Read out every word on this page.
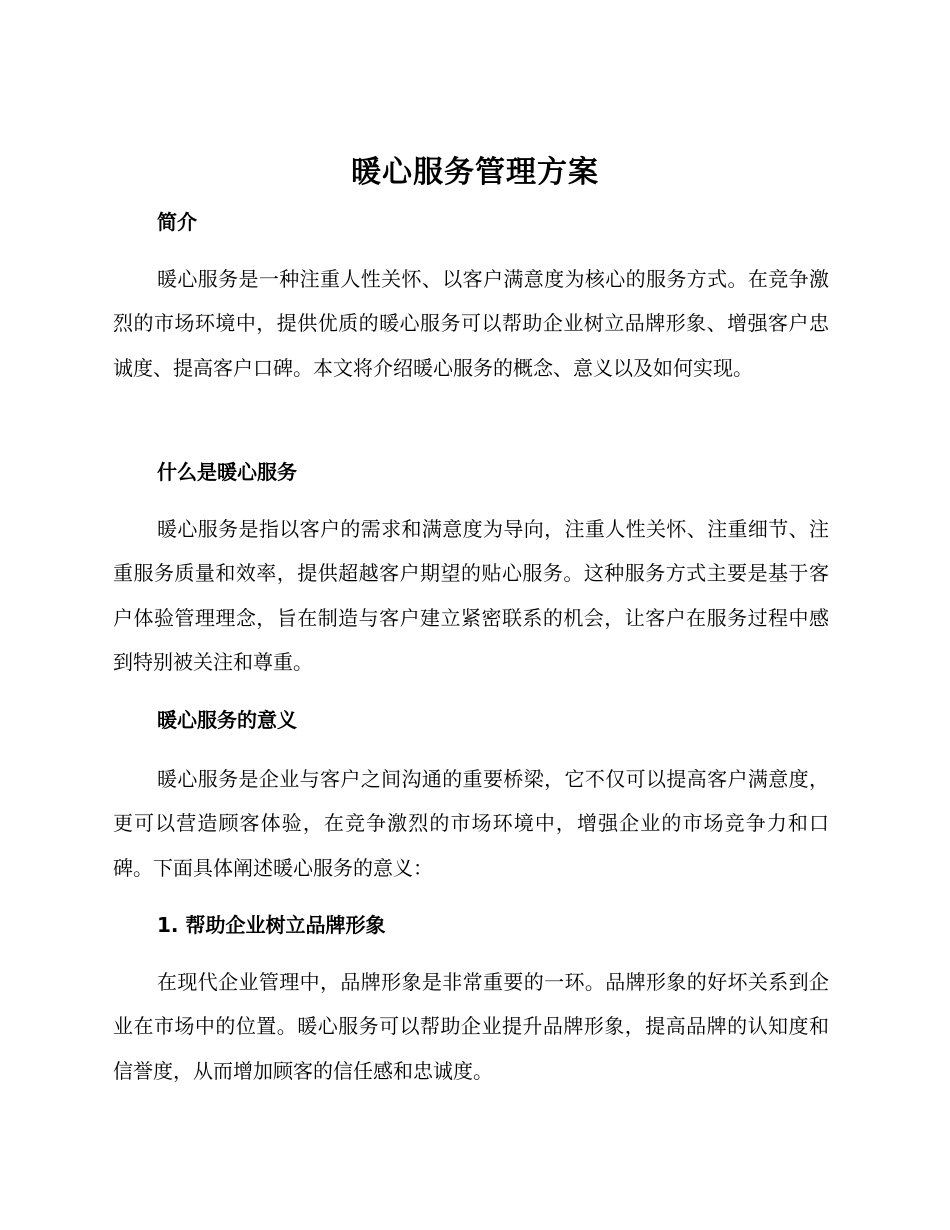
暖心服务管理方案
简介

暖心服务是一种注重人性关怀、以客户满意度为核心的服务方式。在竞争激烈的市场环境中，提供优质的暖心服务可以帮助企业树立品牌形象、增强客户忠诚度、提高客户口碑。本文将介绍暖心服务的概念、意义以及如何实现。

什么是暖心服务

暖心服务是指以客户的需求和满意度为导向，注重人性关怀、注重细节、注重服务质量和效率，提供超越客户期望的贴心服务。这种服务方式主要是基于客户体验管理理念，旨在制造与客户建立紧密联系的机会，让客户在服务过程中感到特别被关注和尊重。

暖心服务的意义

暖心服务是企业与客户之间沟通的重要桥梁，它不仅可以提高客户满意度，更可以营造顾客体验，在竞争激烈的市场环境中，增强企业的市场竞争力和口碑。下面具体阐述暖心服务的意义：

1. 帮助企业树立品牌形象

在现代企业管理中，品牌形象是非常重要的一环。品牌形象的好坏关系到企业在市场中的位置。暖心服务可以帮助企业提升品牌形象，提高品牌的认知度和信誉度，从而增加顾客的信任感和忠诚度。
